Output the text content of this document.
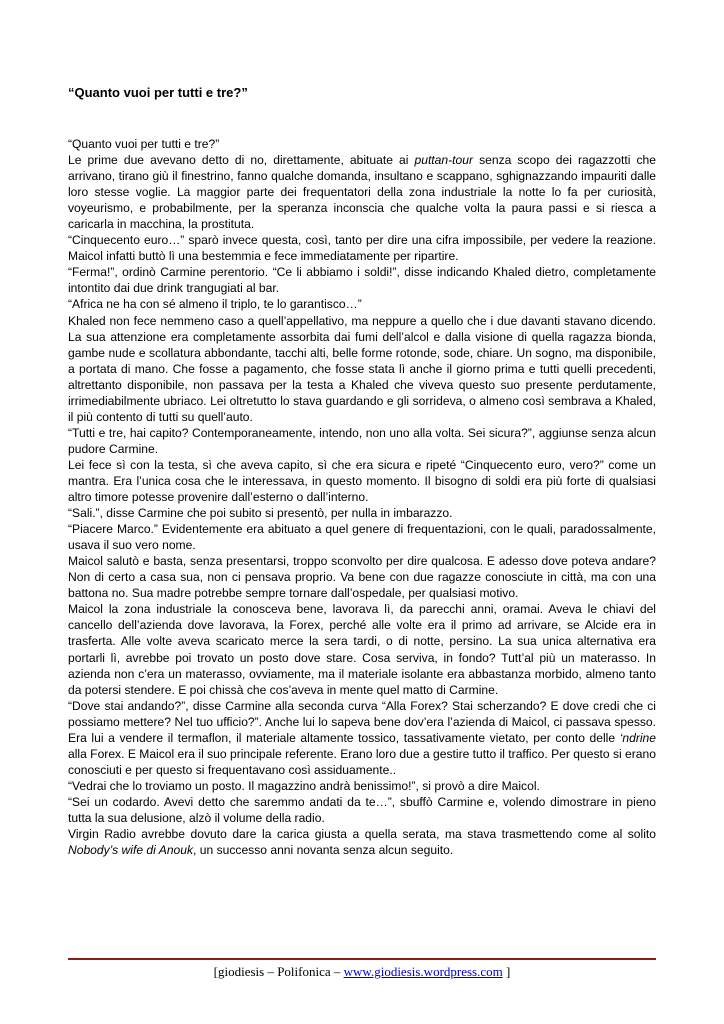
“Quanto vuoi per tutti e tre?”

“Quanto vuoi per tutti e tre?”

Le prime due avevano detto di no, direttamente, abituate ai puttan-tour senza scopo dei ragazzotti che arrivano, tirano giù il finestrino, fanno qualche domanda, insultano e scappano, sghignazzando impauriti dalle loro stesse voglie. La maggior parte dei frequentatori della zona industriale la notte lo fa per curiosità, voyeurismo, e probabilmente, per la speranza inconscia che qualche volta la paura passi e si riesca a caricarla in macchina, la prostituta.

“Cinquecento euro…” sparò invece questa, così, tanto per dire una cifra impossibile, per vedere la reazione. Maicol infatti buttò lì una bestemmia e fece immediatamente per ripartire.

“Ferma!”, ordinò Carmine perentorio. “Ce li abbiamo i soldi!”, disse indicando Khaled dietro, completamente intontito dai due drink trangugiati al bar.

“Africa ne ha con sé almeno il triplo, te lo garantisco…”

Khaled non fece nemmeno caso a quell’appellativo, ma neppure a quello che i due davanti stavano dicendo. La sua attenzione era completamente assorbita dai fumi dell’alcol e dalla visione di quella ragazza bionda, gambe nude e scollatura abbondante, tacchi alti, belle forme rotonde, sode, chiare. Un sogno, ma disponibile, a portata di mano. Che fosse a pagamento, che fosse stata lì anche il giorno prima e tutti quelli precedenti, altrettanto disponibile, non passava per la testa a Khaled che viveva questo suo presente perdutamente, irrimediabilmente ubriaco. Lei oltretutto lo stava guardando e gli sorrideva, o almeno così sembrava a Khaled, il più contento di tutti su quell’auto.

“Tutti e tre, hai capito? Contemporaneamente, intendo, non uno alla volta. Sei sicura?”, aggiunse senza alcun pudore Carmine.

Lei fece sì con la testa, sì che aveva capito, sì che era sicura e ripeté “Cinquecento euro, vero?” come un mantra. Era l’unica cosa che le interessava, in questo momento. Il bisogno di soldi era più forte di qualsiasi altro timore potesse provenire dall’esterno o dall’interno.

“Sali.”, disse Carmine che poi subito si presentò, per nulla in imbarazzo.

“Piacere Marco.” Evidentemente era abituato a quel genere di frequentazioni, con le quali, paradossalmente, usava il suo vero nome.

Maicol salutò e basta, senza presentarsi, troppo sconvolto per dire qualcosa. E adesso dove poteva andare? Non di certo a casa sua, non ci pensava proprio. Va bene con due ragazze conosciute in città, ma con una battona no. Sua madre potrebbe sempre tornare dall’ospedale, per qualsiasi motivo.

Maicol la zona industriale la conosceva bene, lavorava lì, da parecchi anni, oramai. Aveva le chiavi del cancello dell’azienda dove lavorava, la Forex, perché alle volte era il primo ad arrivare, se Alcide era in trasferta. Alle volte aveva scaricato merce la sera tardi, o di notte, persino. La sua unica alternativa era portarli lì, avrebbe poi trovato un posto dove stare. Cosa serviva, in fondo? Tutt’al più un materasso. In azienda non c’era un materasso, ovviamente, ma il materiale isolante era abbastanza morbido, almeno tanto da potersi stendere. E poi chissà che cos’aveva in mente quel matto di Carmine.

“Dove stai andando?”, disse Carmine alla seconda curva “Alla Forex? Stai scherzando? E dove credi che ci possiamo mettere? Nel tuo ufficio?”. Anche lui lo sapeva bene dov’era l’azienda di Maicol, ci passava spesso. Era lui a vendere il termaflon, il materiale altamente tossico, tassativamente vietato, per conto delle ‘ndrine alla Forex. E Maicol era il suo principale referente. Erano loro due a gestire tutto il traffico. Per questo si erano conosciuti e per questo si frequentavano così assiduamente..

“Vedrai che lo troviamo un posto. Il magazzino andrà benissimo!”, si provò a dire Maicol.

“Sei un codardo. Avevi detto che saremmo andati da te…”, sbuffò Carmine e, volendo dimostrare in pieno tutta la sua delusione, alzò il volume della radio.

Virgin Radio avrebbe dovuto dare la carica giusta a quella serata, ma stava trasmettendo come al solito Nobody’s wife di Anouk, un successo anni novanta senza alcun seguito.

[giodiesis – Polifonica – www.giodiesis.wordpress.com ]
